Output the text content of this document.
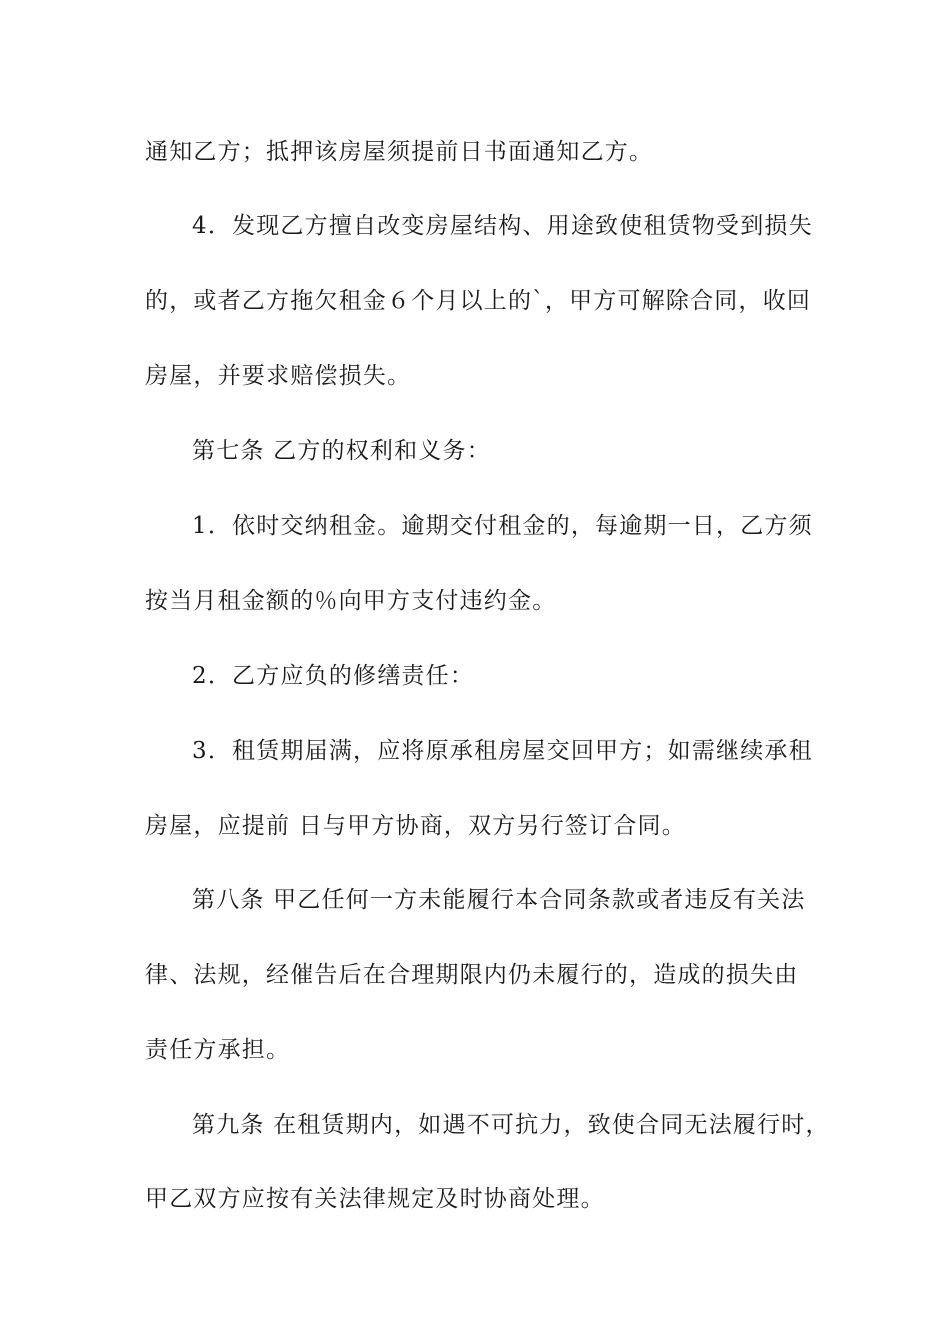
通知乙方；抵押该房屋须提前日书面通知乙方。
4．发现乙方擅自改变房屋结构、用途致使租赁物受到损失
的，或者乙方拖欠租金６个月以上的`，甲方可解除合同，收回
房屋，并要求赔偿损失。
第七条 乙方的权利和义务：
1．依时交纳租金。逾期交付租金的，每逾期一日，乙方须
按当月租金额的％向甲方支付违约金。
2．乙方应负的修缮责任：
3．租赁期届满，应将原承租房屋交回甲方；如需继续承租
房屋，应提前 日与甲方协商，双方另行签订合同。
第八条 甲乙任何一方未能履行本合同条款或者违反有关法
律、法规，经催告后在合理期限内仍未履行的，造成的损失由
责任方承担。
第九条 在租赁期内，如遇不可抗力，致使合同无法履行时，
甲乙双方应按有关法律规定及时协商处理。
